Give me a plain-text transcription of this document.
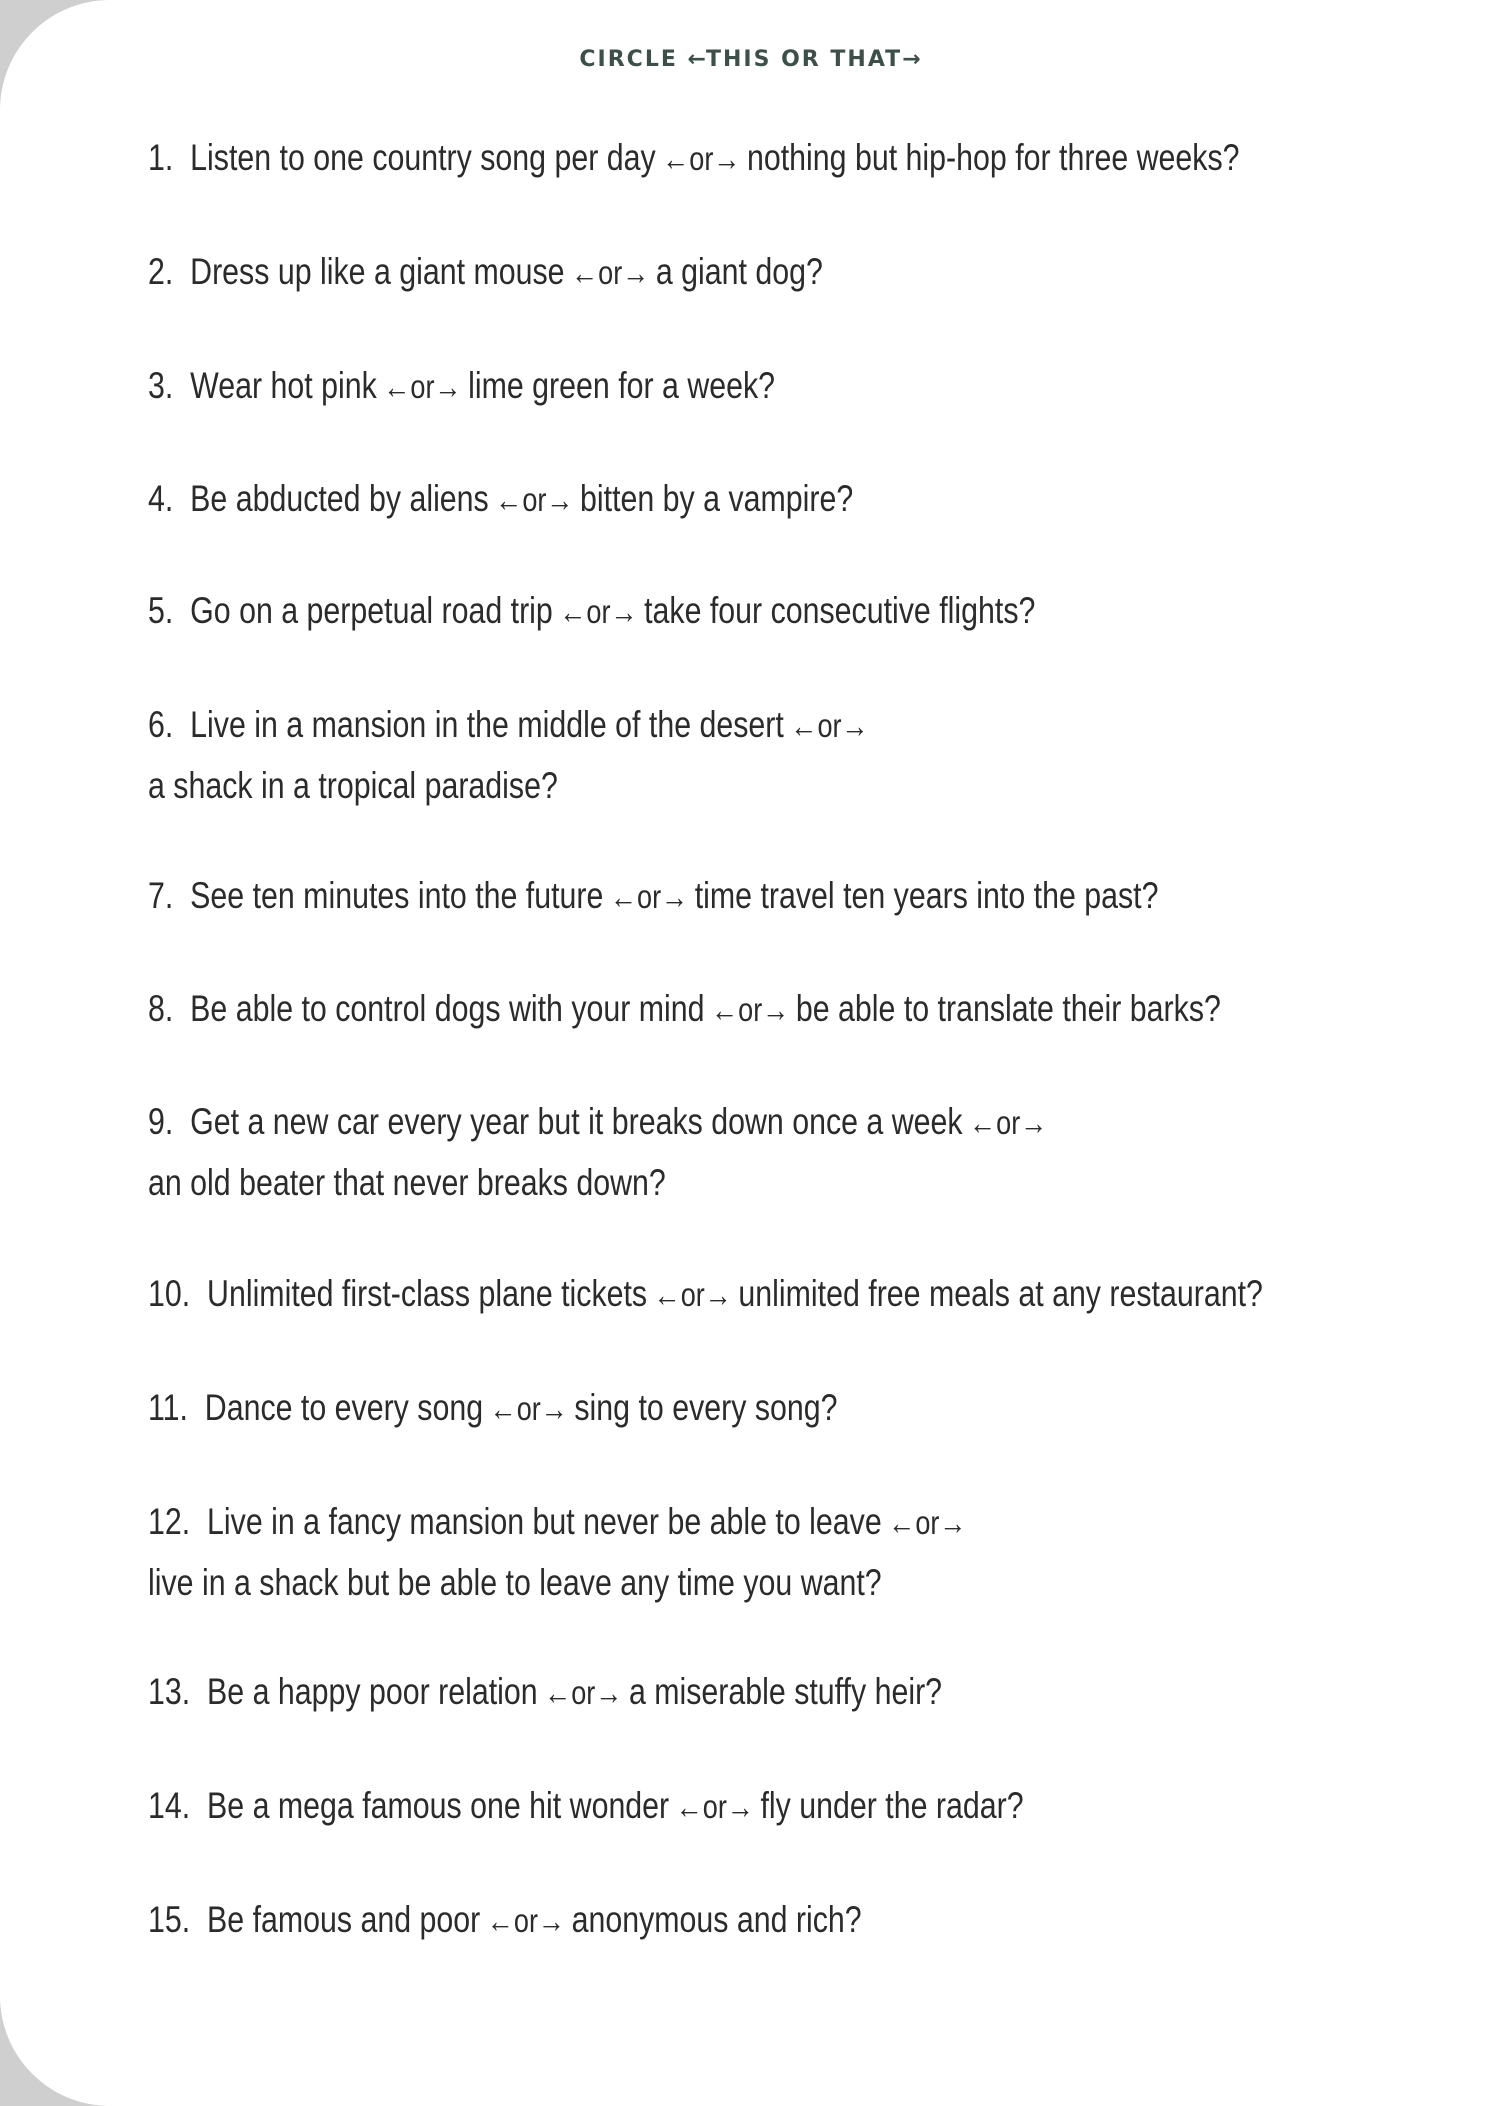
CIRCLE ←THIS OR THAT→
1. Listen to one country song per day ←or→ nothing but hip-hop for three weeks?
2. Dress up like a giant mouse ←or→ a giant dog?
3. Wear hot pink ←or→ lime green for a week?
4. Be abducted by aliens ←or→ bitten by a vampire?
5. Go on a perpetual road trip ←or→ take four consecutive flights?
6. Live in a mansion in the middle of the desert ←or→
a shack in a tropical paradise?
7. See ten minutes into the future ←or→ time travel ten years into the past?
8. Be able to control dogs with your mind ←or→ be able to translate their barks?
9. Get a new car every year but it breaks down once a week ←or→
an old beater that never breaks down?
10. Unlimited first-class plane tickets ←or→ unlimited free meals at any restaurant?
11. Dance to every song ←or→ sing to every song?
12. Live in a fancy mansion but never be able to leave ←or→
live in a shack but be able to leave any time you want?
13. Be a happy poor relation ←or→ a miserable stuffy heir?
14. Be a mega famous one hit wonder ←or→ fly under the radar?
15. Be famous and poor ←or→ anonymous and rich?
